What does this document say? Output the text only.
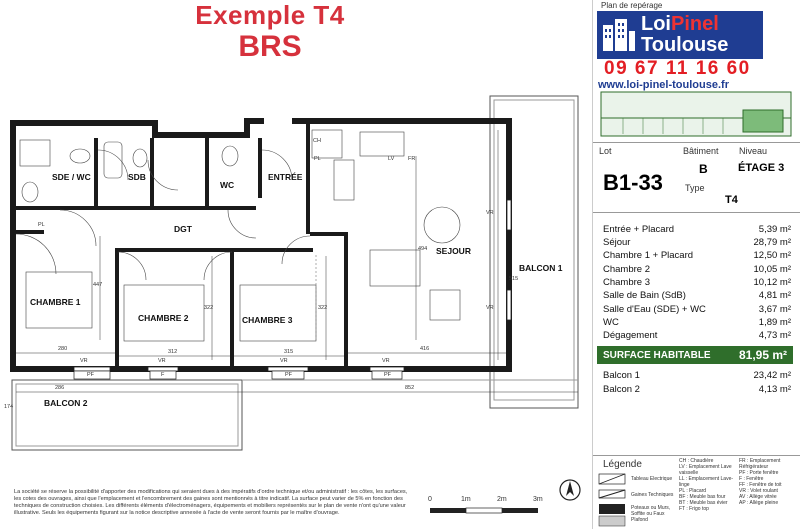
Exemple T4
BRS
SDE / WC	SDB
WC
ENTRÉE
DGT
SEJOUR
CHAMBRE 1
CHAMBRE 2	CHAMBRE 3
BALCON 1
BALCON 2
280	312	315	416
286	852
447
322	322
515
494
174
PF	F	PF	PF
VR	VR	VR	VR
VR
VR
LV FR
PL
PL
CH
0	1m	2m	3m
La société se réserve la possibilité d'apporter des modifications qui seraient dues à des impératifs d'ordre technique et/ou administratif : les côtes, les surfaces, les cotes des ouvrages, ainsi que l'emplacement et l'encombrement des gaines sont mentionnés à titre indicatif. La surface peut varier de 5% en fonction des techniques de construction choisies. Les différents éléments d'électroménagers, équipements et mobiliers représentés sur le plan de vente n'ont qu'une valeur illustrative. Seuls les équipements figurant sur la notice descriptive annexée à l'acte de vente seront fournis par le maître d'ouvrage.
Plan de repérage
Lot
B1-33
Bâtiment
B
Niveau
ÉTAGE 3
Type
T4
Entrée + Placard	5,39 m²
Séjour	28,79 m²
Chambre 1 + Placard	12,50 m²
Chambre 2	10,05 m²
Chambre 3	10,12 m²
Salle de Bain (SdB)	4,81 m²
Salle d'Eau (SDE) + WC	3,67 m²
WC	1,89 m²
Dégagement	4,73 m²
SURFACE HABITABLE 81,95 m²
Balcon 1	23,42 m²
Balcon 2	4,13 m²
Légende
Tableau Electrique
Gaines Techniques
Poteaux ou Murs, Soffite ou Faux Plafond
CH : Chaudière
LV : Emplacement Lave vaisselle
LL : Emplacement Lave-linge
PL : Placard
BF : Meuble bas four
BT : Meuble bas évier
FT : Frigo top
FR : Emplacement Réfrigérateur
PF : Porte fenêtre
F : Fenêtre
FF : Fenêtre de toit
VR : Volet roulant
AV : Allège vitrée
AP : Allège pleine
LoiPinel
Toulouse
09 67 11 16 60
www.loi-pinel-toulouse.fr
